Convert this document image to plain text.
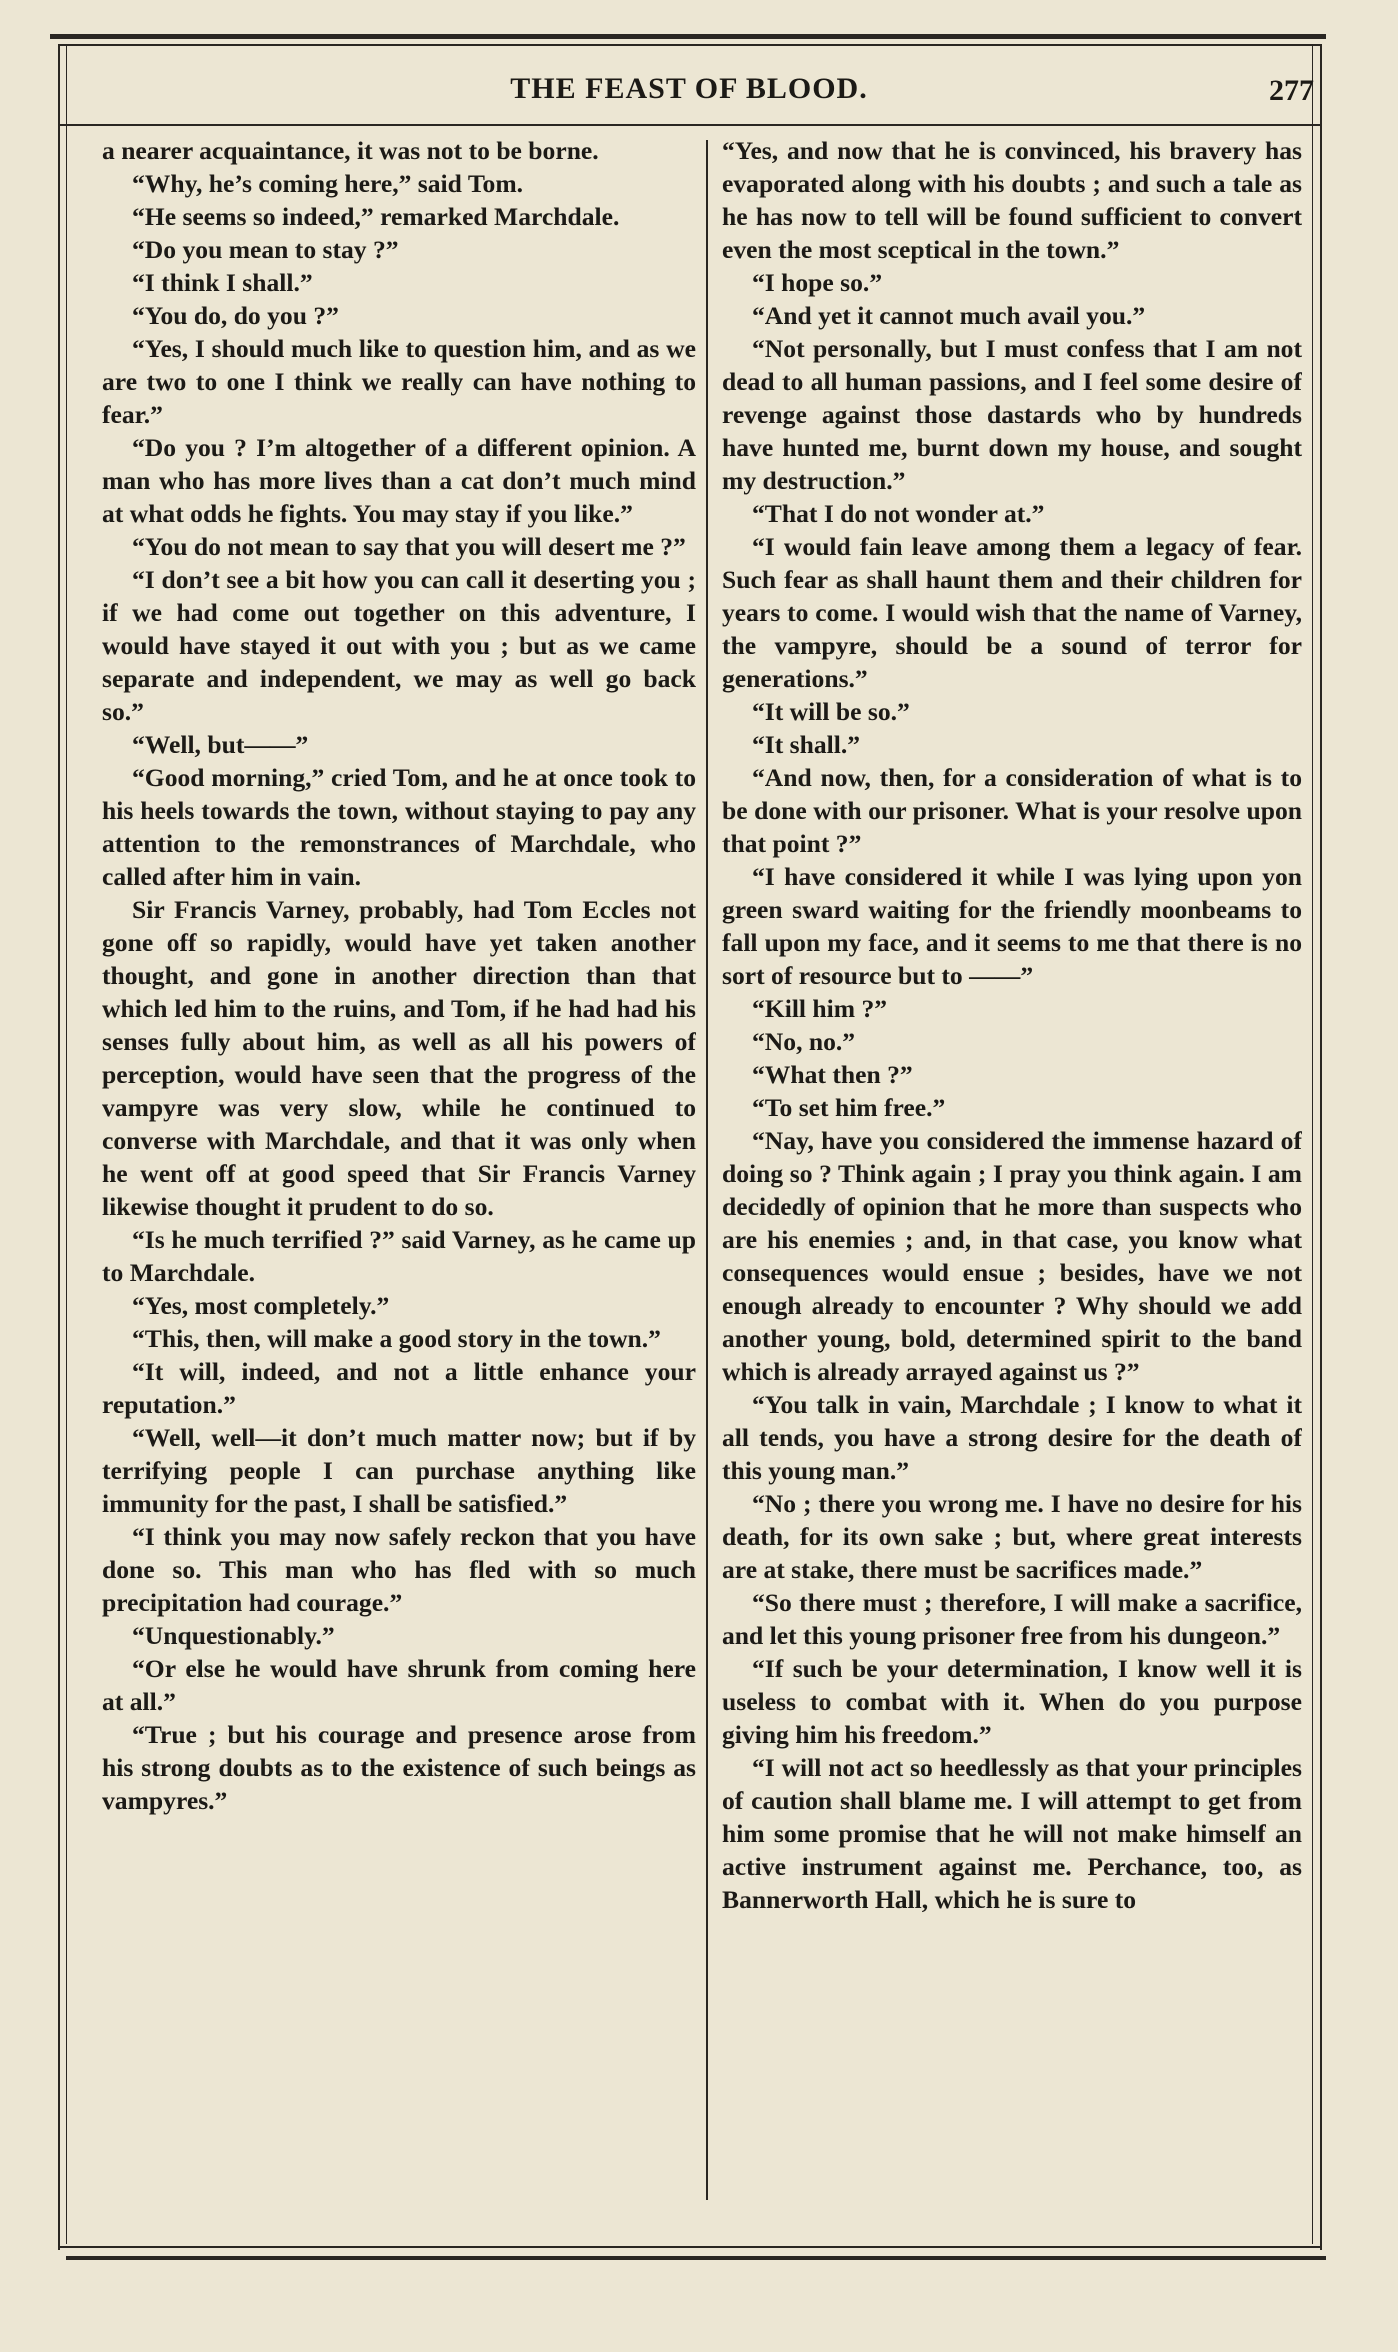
THE FEAST OF BLOOD.	277

a nearer acquaintance, it was not to be borne.

“Why, he’s coming here,” said Tom.

“He seems so indeed,” remarked Marchdale.

“Do you mean to stay ?”

“I think I shall.”

“You do, do you ?”

“Yes, I should much like to question him, and as we are two to one I think we really can have nothing to fear.”

“Do you ? I’m altogether of a different opinion. A man who has more lives than a cat don’t much mind at what odds he fights. You may stay if you like.”

“You do not mean to say that you will desert me ?”

“I don’t see a bit how you can call it deserting you ; if we had come out together on this adventure, I would have stayed it out with you ; but as we came separate and independent, we may as well go back so.”

“Well, but——”

“Good morning,” cried Tom, and he at once took to his heels towards the town, without staying to pay any attention to the remonstrances of Marchdale, who called after him in vain.

Sir Francis Varney, probably, had Tom Eccles not gone off so rapidly, would have yet taken another thought, and gone in another direction than that which led him to the ruins, and Tom, if he had had his senses fully about him, as well as all his powers of perception, would have seen that the progress of the vampyre was very slow, while he continued to converse with Marchdale, and that it was only when he went off at good speed that Sir Francis Varney likewise thought it prudent to do so.

“Is he much terrified ?” said Varney, as he came up to Marchdale.

“Yes, most completely.”

“This, then, will make a good story in the town.”

“It will, indeed, and not a little enhance your reputation.”

“Well, well—it don’t much matter now; but if by terrifying people I can purchase anything like immunity for the past, I shall be satisfied.”

“I think you may now safely reckon that you have done so. This man who has fled with so much precipitation had courage.”

“Unquestionably.”

“Or else he would have shrunk from coming here at all.”

“True ; but his courage and presence arose from his strong doubts as to the existence of such beings as vampyres.”

“Yes, and now that he is convinced, his bravery has evaporated along with his doubts ; and such a tale as he has now to tell will be found sufficient to convert even the most sceptical in the town.”

“I hope so.”

“And yet it cannot much avail you.”

“Not personally, but I must confess that I am not dead to all human passions, and I feel some desire of revenge against those dastards who by hundreds have hunted me, burnt down my house, and sought my destruction.”

“That I do not wonder at.”

“I would fain leave among them a legacy of fear. Such fear as shall haunt them and their children for years to come. I would wish that the name of Varney, the vampyre, should be a sound of terror for generations.”

“It will be so.”

“It shall.”

“And now, then, for a consideration of what is to be done with our prisoner. What is your resolve upon that point ?”

“I have considered it while I was lying upon yon green sward waiting for the friendly moonbeams to fall upon my face, and it seems to me that there is no sort of resource but to ——”

“Kill him ?”

“No, no.”

“What then ?”

“To set him free.”

“Nay, have you considered the immense hazard of doing so ? Think again ; I pray you think again. I am decidedly of opinion that he more than suspects who are his enemies ; and, in that case, you know what consequences would ensue ; besides, have we not enough already to encounter ? Why should we add another young, bold, determined spirit to the band which is already arrayed against us ?”

“You talk in vain, Marchdale ; I know to what it all tends, you have a strong desire for the death of this young man.”

“No ; there you wrong me. I have no desire for his death, for its own sake ; but, where great interests are at stake, there must be sacrifices made.”

“So there must ; therefore, I will make a sacrifice, and let this young prisoner free from his dungeon.”

“If such be your determination, I know well it is useless to combat with it. When do you purpose giving him his freedom.”

“I will not act so heedlessly as that your principles of caution shall blame me. I will attempt to get from him some promise that he will not make himself an active instrument against me. Perchance, too, as Bannerworth Hall, which he is sure to
